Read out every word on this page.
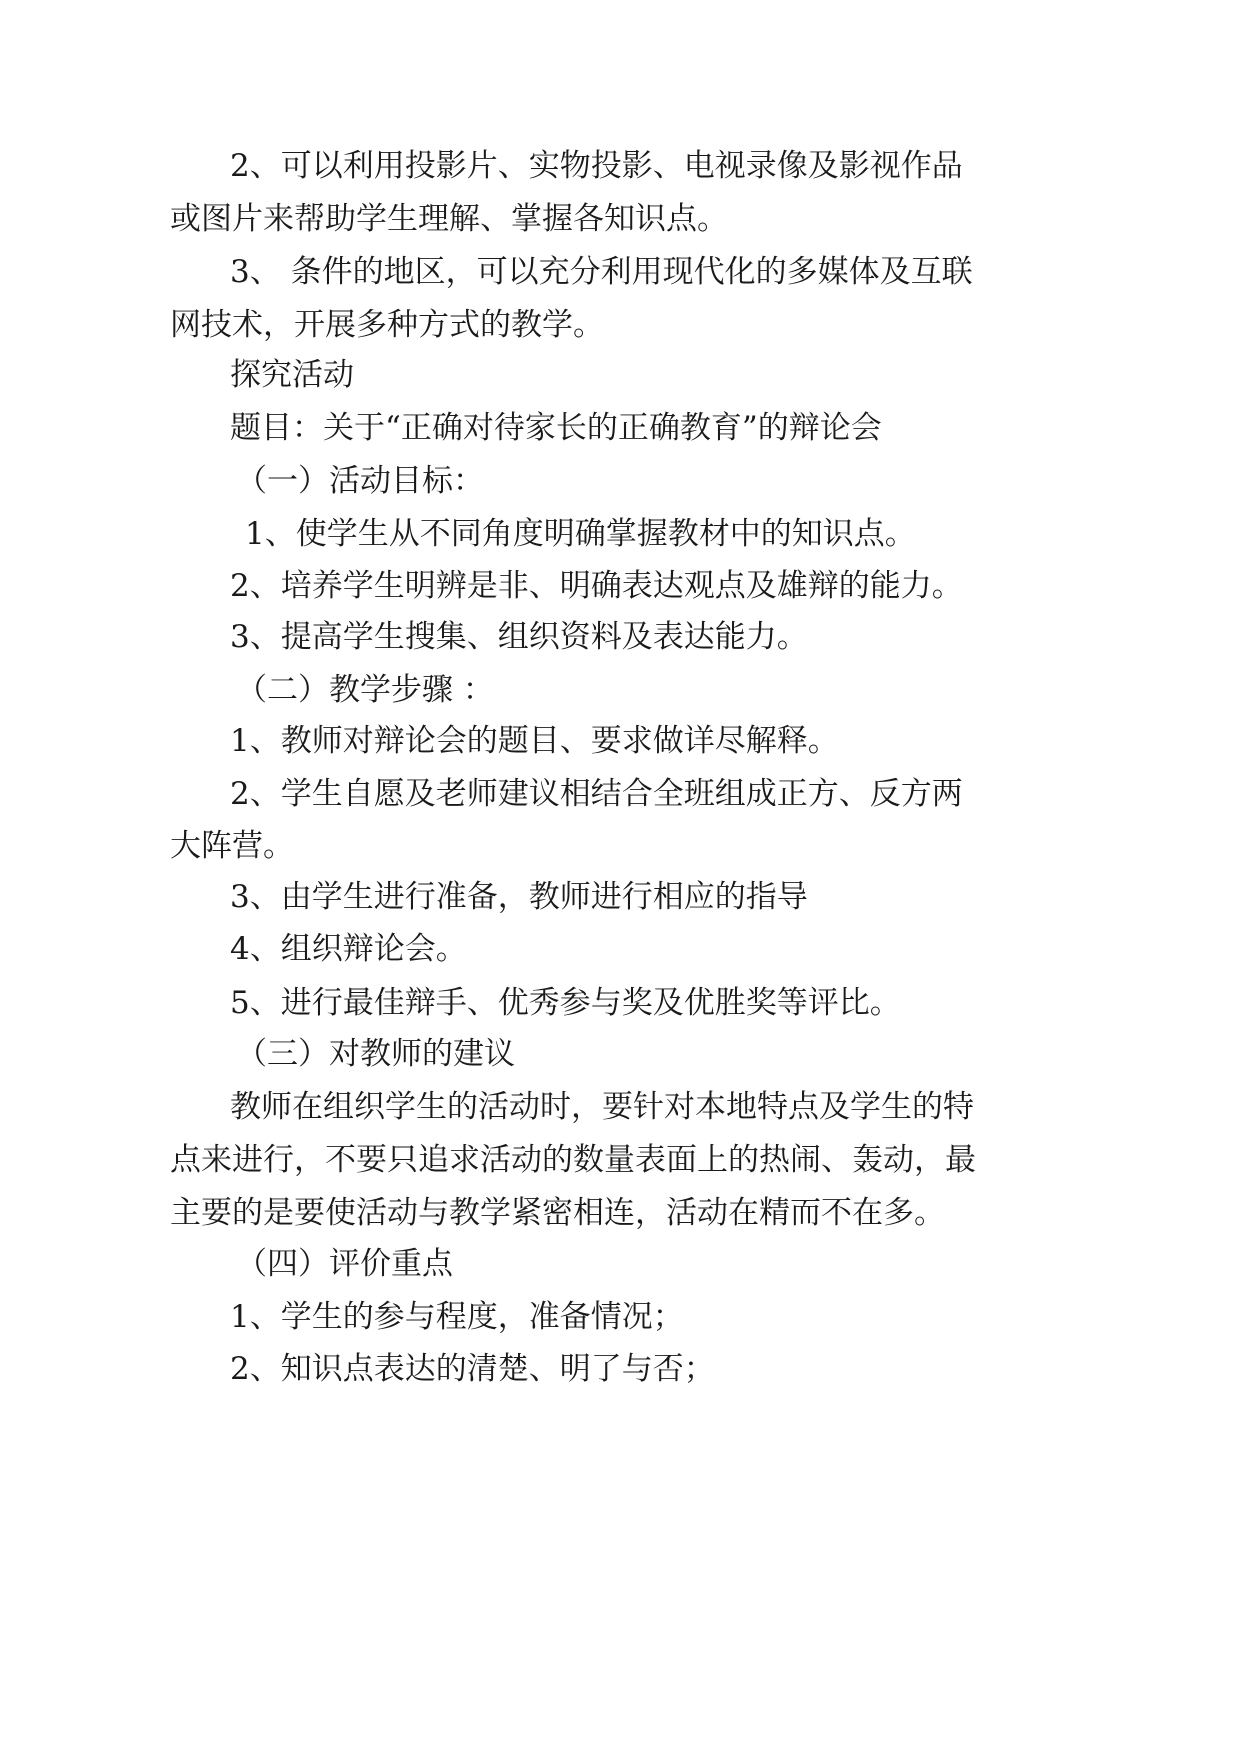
2、可以利用投影片、实物投影、电视录像及影视作品
或图片来帮助学生理解、掌握各知识点。
3、 条件的地区，可以充分利用现代化的多媒体及互联
网技术，开展多种方式的教学。
探究活动
题目：关于“正确对待家长的正确教育”的辩论会
（一）活动目标：
1、使学生从不同角度明确掌握教材中的知识点。
2、培养学生明辨是非、明确表达观点及雄辩的能力。
3、提高学生搜集、组织资料及表达能力。
（二）教学步骤 ：
1、教师对辩论会的题目、要求做详尽解释。
2、学生自愿及老师建议相结合全班组成正方、反方两
大阵营。
3、由学生进行准备，教师进行相应的指导
4、组织辩论会。
5、进行最佳辩手、优秀参与奖及优胜奖等评比。
（三）对教师的建议
教师在组织学生的活动时，要针对本地特点及学生的特
点来进行，不要只追求活动的数量表面上的热闹、轰动，最
主要的是要使活动与教学紧密相连，活动在精而不在多。
（四）评价重点
1、学生的参与程度，准备情况；
2、知识点表达的清楚、明了与否；
